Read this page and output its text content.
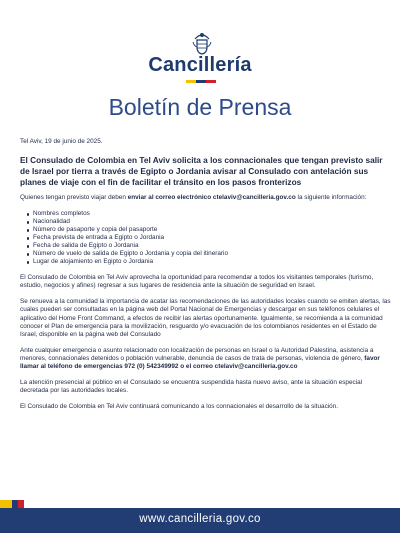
Cancillería
Boletín de Prensa

Tel Aviv, 19 de junio de 2025.

El Consulado de Colombia en Tel Aviv solicita a los connacionales que tengan previsto salir de Israel por tierra a través de Egipto o Jordania avisar al Consulado con antelación sus planes de viaje con el fin de facilitar el tránsito en los pasos fronterizos

Quienes tengan previsto viajar deben enviar al correo electrónico ctelaviv@cancilleria.gov.co la siguiente información:

Nombres completos
Nacionalidad
Número de pasaporte y copia del pasaporte
Fecha prevista de entrada a Egipto o Jordania
Fecha de salida de Egipto o Jordania
Número de vuelo de salida de Egipto o Jordania y copia del itinerario
Lugar de alojamiento en Egipto o Jordania

El Consulado de Colombia en Tel Aviv aprovecha la oportunidad para recomendar a todos los visitantes temporales (turismo, estudio, negocios y afines) regresar a sus lugares de residencia ante la situación de seguridad en Israel.

Se renueva a la comunidad la importancia de acatar las recomendaciones de las autoridades locales cuando se emiten alertas, las cuales pueden ser consultadas en la página web del Portal Nacional de Emergencias y descargar en sus teléfonos celulares el aplicativo del Home Front Command, a efectos de recibir las alertas oportunamente. Igualmente, se recomienda a la comunidad conocer el Plan de emergencia para la movilización, resguardo y/o evacuación de los colombianos residentes en el Estado de Israel, disponible en la página web del Consulado

Ante cualquier emergencia o asunto relacionado con localización de personas en Israel o la Autoridad Palestina, asistencia a menores, connacionales detenidos o población vulnerable, denuncia de casos de trata de personas, violencia de género, favor llamar al teléfono de emergencias 972 (0) 542349992 o el correo ctelaviv@cancilleria.gov.co

La atención presencial al público en el Consulado se encuentra suspendida hasta nuevo aviso, ante la situación especial decretada por las autoridades locales.

El Consulado de Colombia en Tel Aviv continuará comunicando a los connacionales el desarrollo de la situación.

www.cancilleria.gov.co
